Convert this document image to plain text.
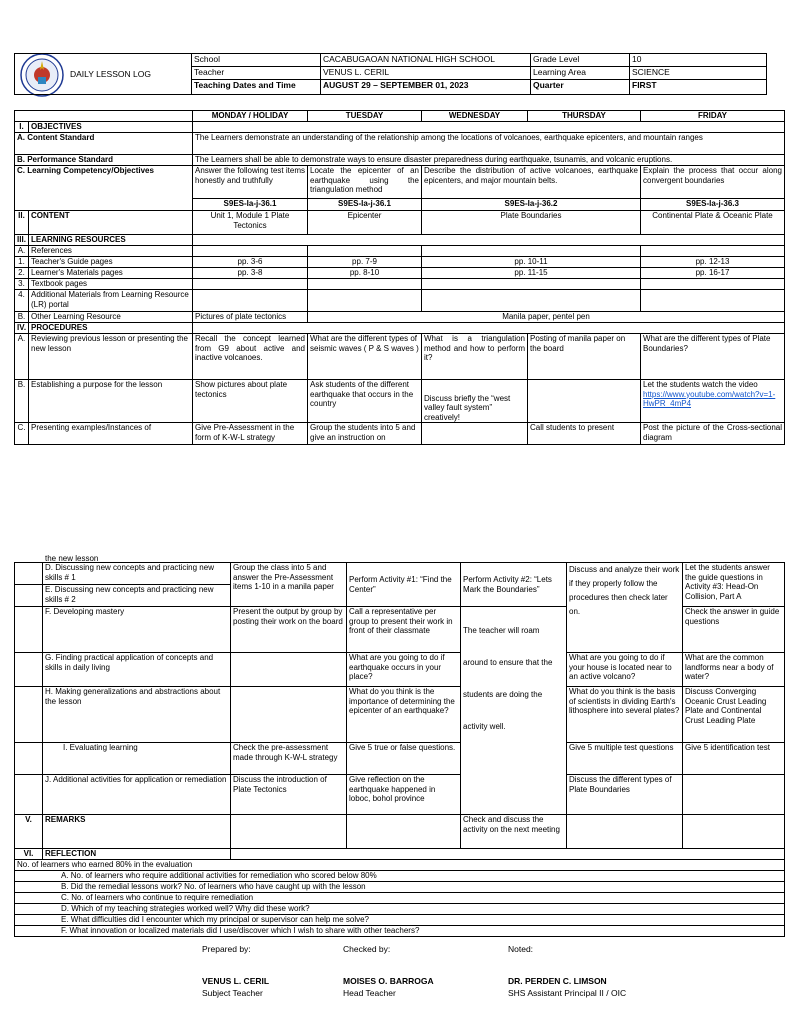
DAILY LESSON LOG	School	CACABUGAOAN NATIONAL HIGH SCHOOL	Grade Level	10
	Teacher	VENUS L. CERIL	Learning Area	SCIENCE
	Teaching Dates and Time	AUGUST 29 – SEPTEMBER 01, 2023	Quarter	FIRST
		MONDAY / HOLIDAY	TUESDAY	WEDNESDAY	THURSDAY	FRIDAY
I.	OBJECTIVES					
A. Content Standard		The Learners demonstrate an understanding of the relationship among the locations of volcanoes, earthquake epicenters, and mountain ranges				
B. Performance Standard		The Learners shall be able to demonstrate ways to ensure disaster preparedness during earthquake, tsunamis, and volcanic eruptions.				
C. Learning Competency/Objectives		Answer the following test items honestly and truthfully	Locate the epicenter of an earthquake using the triangulation method	Describe the distribution of active volcanoes, earthquake epicenters, and major mountain belts.		Explain the process that occur along convergent boundaries
		S9ES-Ia-j-36.1	S9ES-Ia-j-36.1	S9ES-Ia-j-36.2		S9ES-Ia-j-36.3
II.	CONTENT	Unit 1, Module 1 Plate Tectonics	Epicenter	Plate Boundaries		Continental Plate & Oceanic Plate
III.	LEARNING RESOURCES					
A.	References					
1.	Teacher's Guide pages	pp. 3-6	pp. 7-9	pp. 10-11		pp. 12-13
2.	Learner's Materials pages	pp. 3-8	pp. 8-10	pp. 11-15		pp. 16-17
3.	Textbook pages					
4.	Additional Materials from Learning Resource (LR) portal					
B.	Other Learning Resource	Pictures of plate tectonics	Manila paper, pentel pen			
IV.	PROCEDURES					
A.	Reviewing previous lesson or presenting the new lesson	Recall the concept learned from G9 about active and inactive volcanoes.	What are the different types of seismic waves ( P & S waves )	What is a triangulation method and how to perform it?	Posting of manila paper on the board	What are the different types of Plate Boundaries?
B.	Establishing a purpose for the lesson	Show pictures about plate tectonics	Ask students of the different earthquake that occurs in the country	Discuss briefly the “west valley fault system” creatively!		Let the students watch the video
https://www.youtube.com/watch?v=1-HwPR_4mP4
C.	Presenting examples/Instances of	Give Pre-Assessment in the form of K-W-L strategy	Group the students into 5 and give an instruction on		Call students to present	Post the picture of the Cross-sectional diagram
the new lesson
	D. Discussing new concepts and practicing new skills # 1	Group the class into 5 and answer the Pre-Assessment items 1-10 in a manila paper	Perform Activity #1: “Find the Center”	Perform Activity #2: “Lets Mark the Boundaries”	Discuss and analyze their work if they properly follow the procedures then check later on.	Let the students answer the guide questions in Activity #3: Head-On Collision, Part A
	E. Discussing new concepts and practicing new skills # 2					
	F. Developing mastery	Present the output by group by posting their work on the board	Call a representative per group to present their work in front of their classmate	The teacher will roam around to ensure that the students are doing the activity well.		Check the answer in guide questions
	G. Finding practical application of concepts and skills in daily living		What are you going to do if earthquake occurs in your place?		What are you going to do if your house is located near to an active volcano?	What are the common landforms near a body of water?
	H. Making generalizations and abstractions about the lesson		What do you think is the importance of determining the epicenter of an earthquake?		What do you think is the basis of scientists in dividing Earth's lithosphere into several plates?	Discuss Converging Oceanic Crust Leading Plate and Continental Crust Leading Plate
	I. Evaluating learning	Check the pre-assessment made through K-W-L strategy	Give 5 true or false questions.		Give 5 multiple test questions	Give 5 identification test
	J. Additional activities for application or remediation	Discuss the introduction of Plate Tectonics	Give reflection on the earthquake happened in loboc, bohol province		Discuss the different types of Plate Boundaries	
V.	REMARKS			Check and discuss the activity on the next meeting		
VI.	REFLECTION					
No. of learners who earned 80% in the evaluation						
A. No. of learners who require additional activities for remediation who scored below 80%						
B. Did the remedial lessons work? No. of learners who have caught up with the lesson						
C. No. of learners who continue to require remediation						
D. Which of my teaching strategies worked well? Why did these work?						
E. What difficulties did I encounter which my principal or supervisor can help me solve?						
F. What innovation or localized materials did I use/discover which I wish to share with other teachers?						
Prepared by:	Checked by:	Noted:
VENUS L. CERIL
Subject Teacher
MOISES O. BARROGA
Head Teacher
DR. PERDEN C. LIMSON
SHS Assistant Principal II / OIC
